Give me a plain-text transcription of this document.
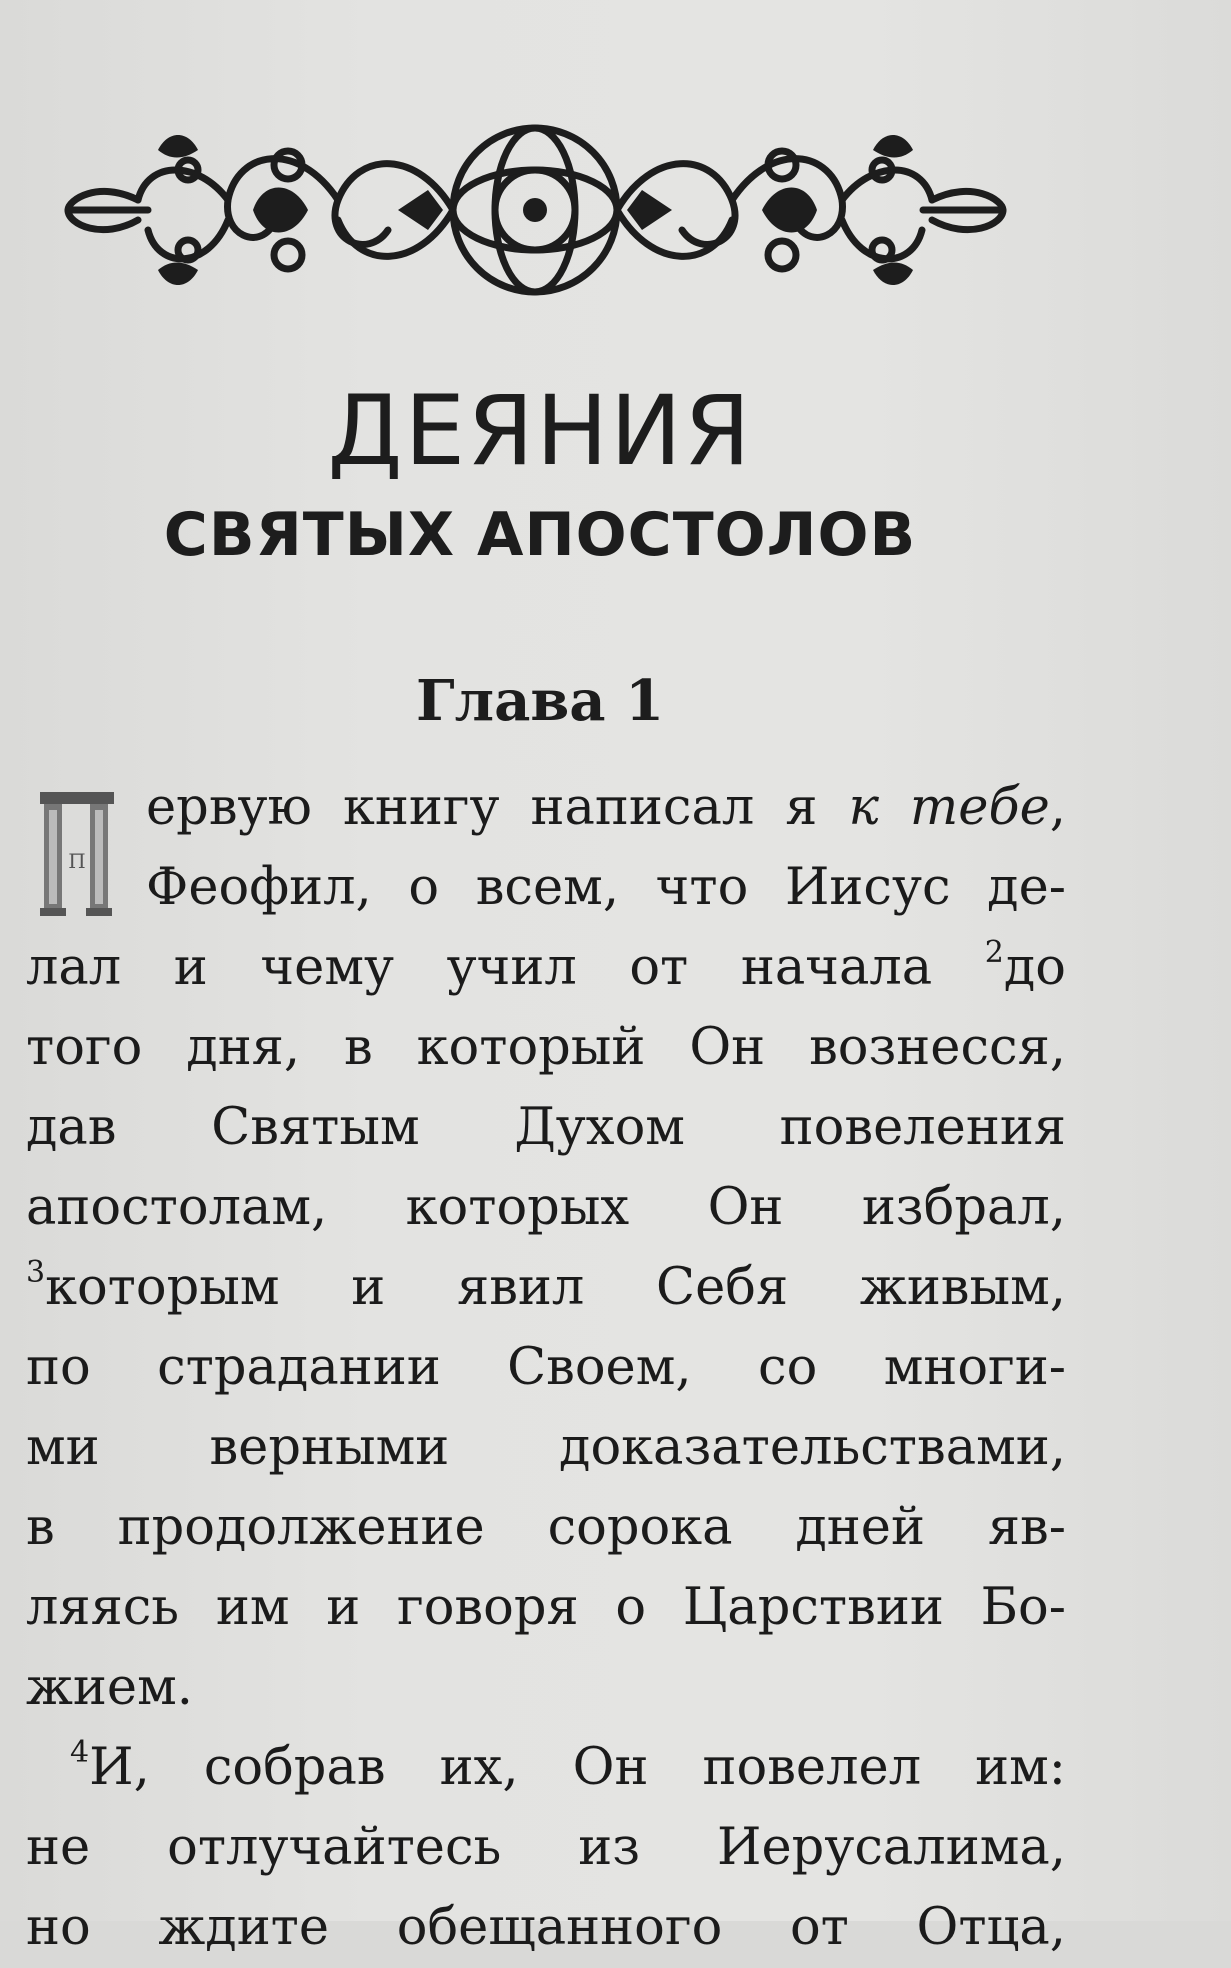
ДЕЯНИЯ
СВЯТЫХ АПОСТОЛОВ
Глава 1
П
ервую книгу написал я к тебе,
Феофил, о всем, что Иисус де-
лал и чему учил от начала $^2$до
того дня, в который Он вознесся,
дав Святым Духом повеления
апостолам, которых Он избрал,
$^3$которым и явил Себя живым,
по страдании Своем, со многи-
ми верными доказательствами,
в продолжение сорока дней яв-
ляясь им и говоря о Царствии Бо-
жием.
$^4$И, собрав их, Он повелел им:
не отлучайтесь из Иерусалима,
но ждите обещанного от Отца,
